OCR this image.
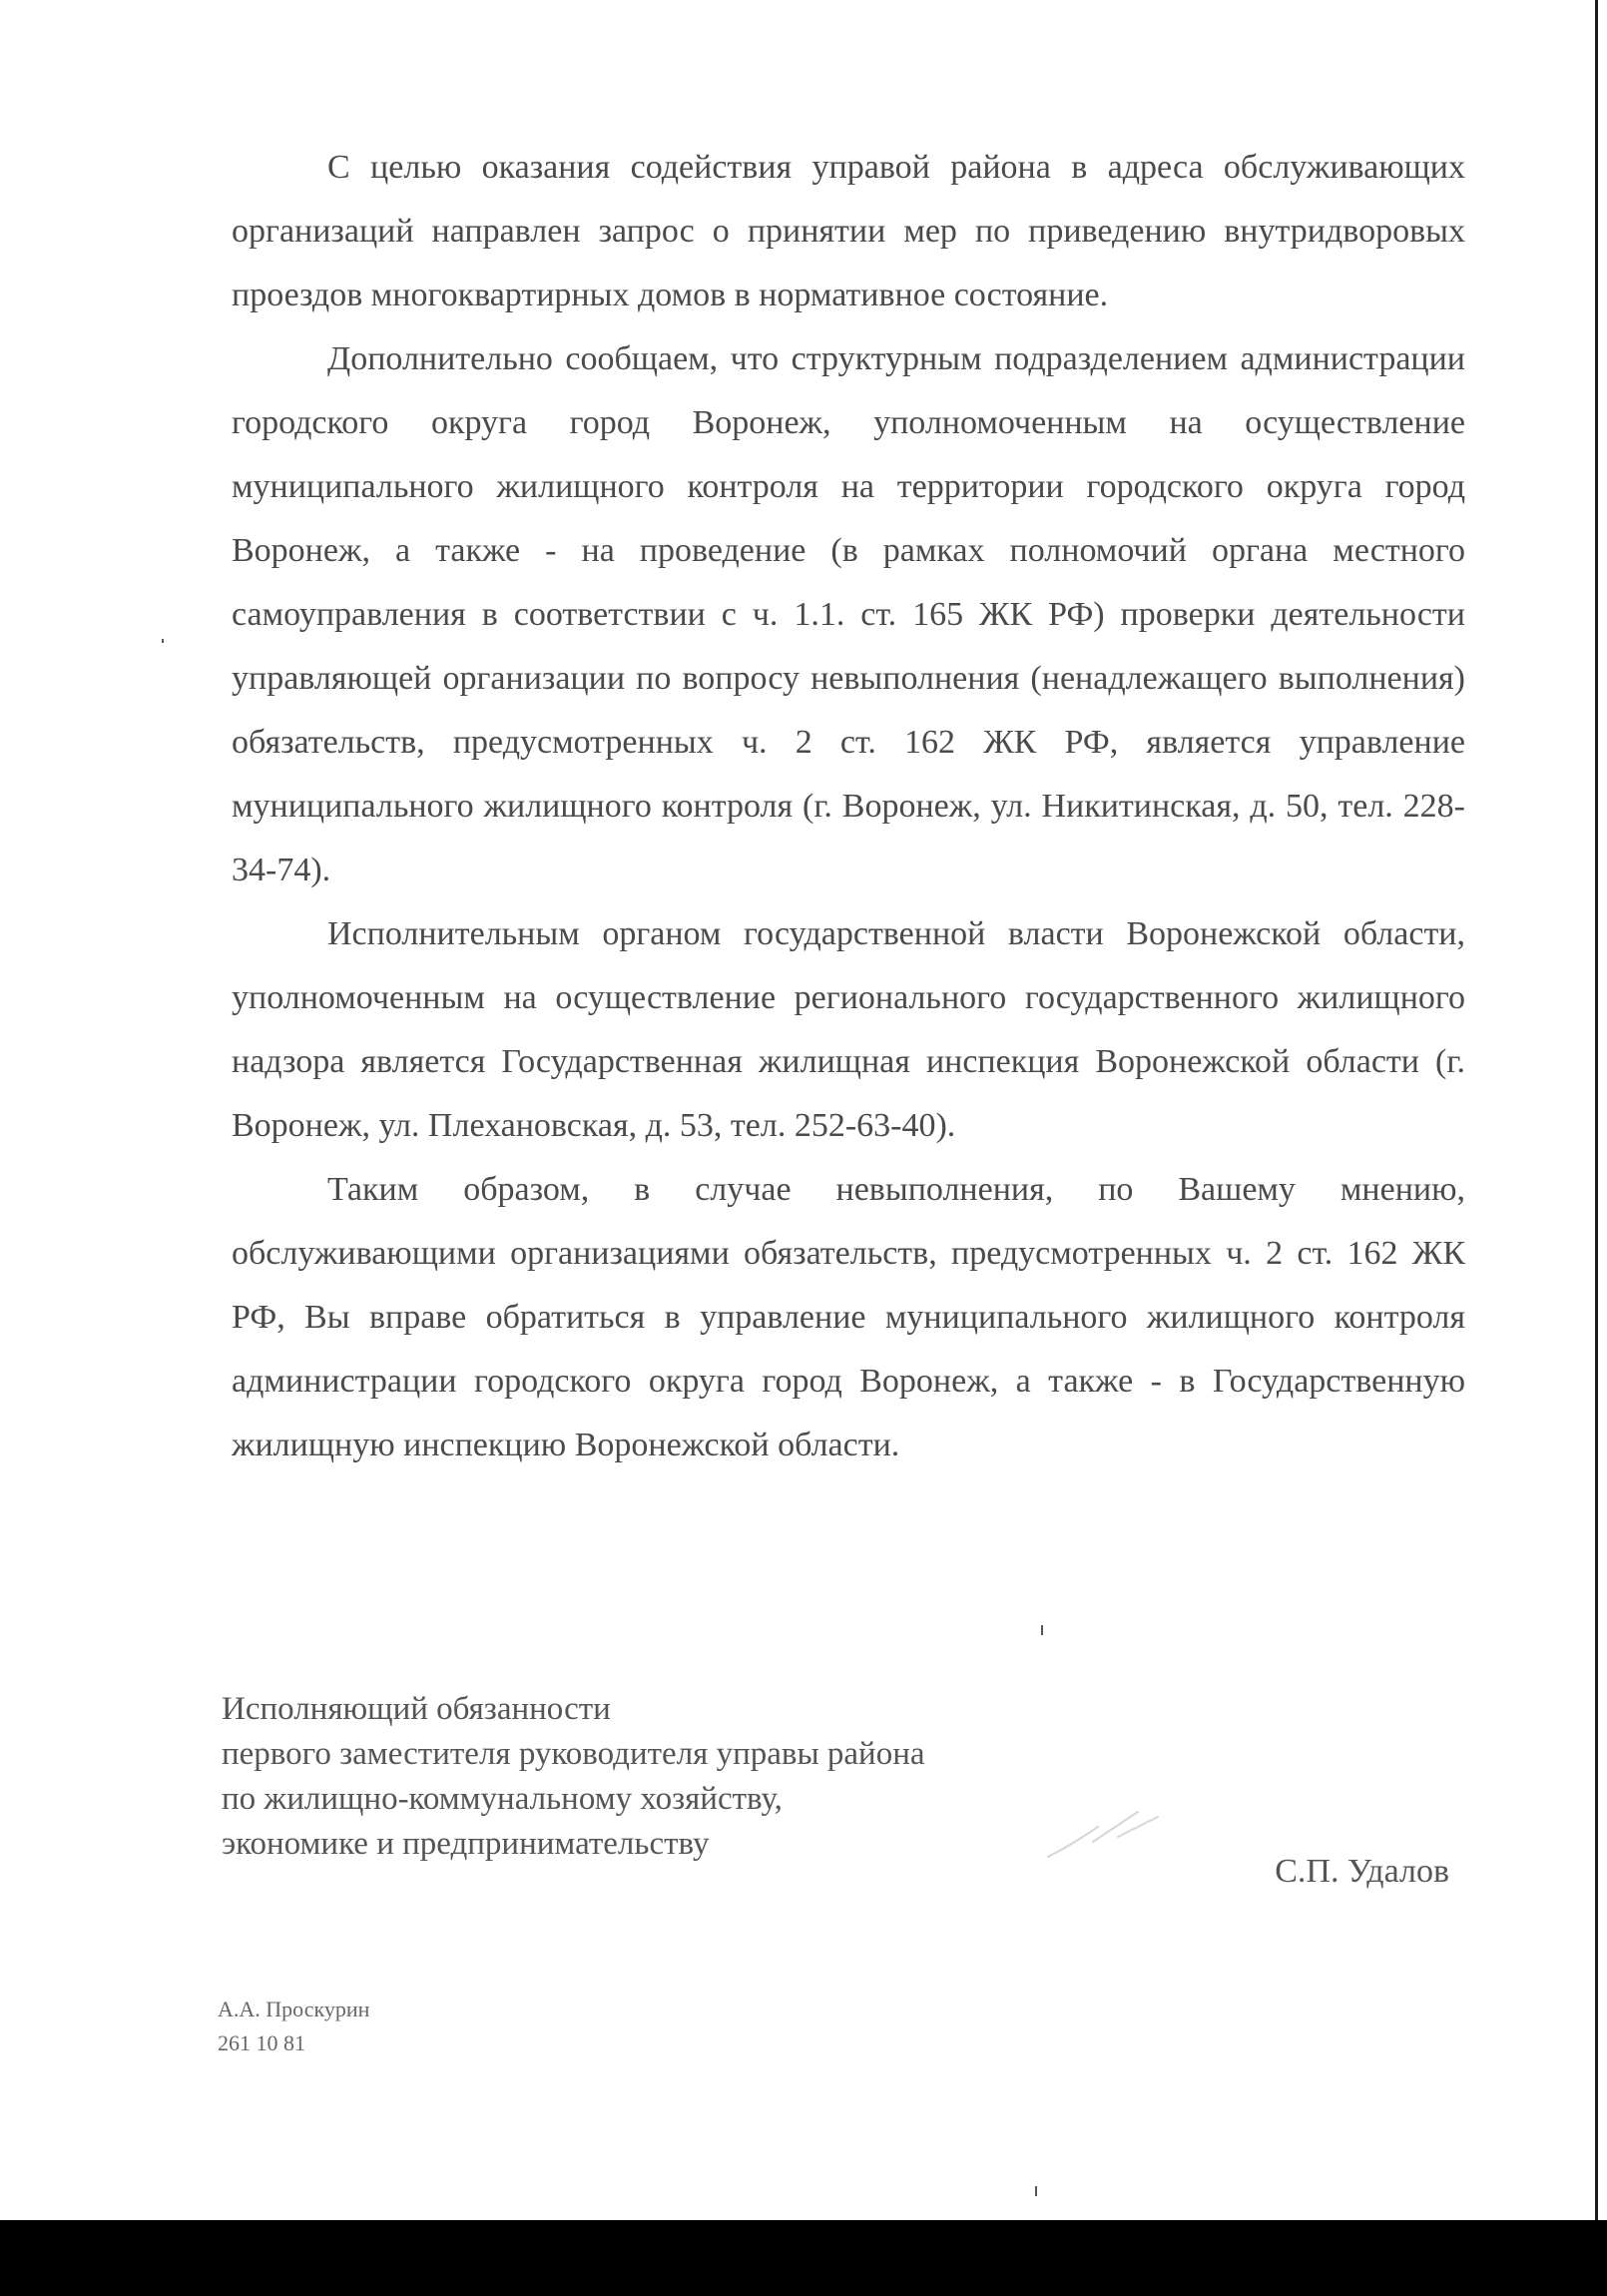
С целью оказания содействия управой района в адреса обслуживающих организаций направлен запрос о принятии мер по приведению внутридворовых проездов многоквартирных домов в нормативное состояние.

Дополнительно сообщаем, что структурным подразделением администрации городского округа город Воронеж, уполномоченным на осуществление муниципального жилищного контроля на территории городского округа город Воронеж, а также - на проведение (в рамках полномочий органа местного самоуправления в соответствии с ч. 1.1. ст. 165 ЖК РФ) проверки деятельности управляющей организации по вопросу невыполнения (ненадлежащего выполнения) обязательств, предусмотренных ч. 2 ст. 162 ЖК РФ, является управление муниципального жилищного контроля (г. Воронеж, ул. Никитинская, д. 50, тел. 228-34-74).

Исполнительным органом государственной власти Воронежской области, уполномоченным на осуществление регионального государственного жилищного надзора является Государственная жилищная инспекция Воронежской области (г. Воронеж, ул. Плехановская, д. 53, тел. 252-63-40).

Таким образом, в случае невыполнения, по Вашему мнению, обслуживающими организациями обязательств, предусмотренных ч. 2 ст. 162 ЖК РФ, Вы вправе обратиться в управление муниципального жилищного контроля администрации городского округа город Воронеж, а также - в Государственную жилищную инспекцию Воронежской области.

Исполняющий обязанности
первого заместителя руководителя управы района
по жилищно-коммунальному хозяйству,
экономике и предпринимательству
С.П. Удалов
А.А. Проскурин
261 10 81
